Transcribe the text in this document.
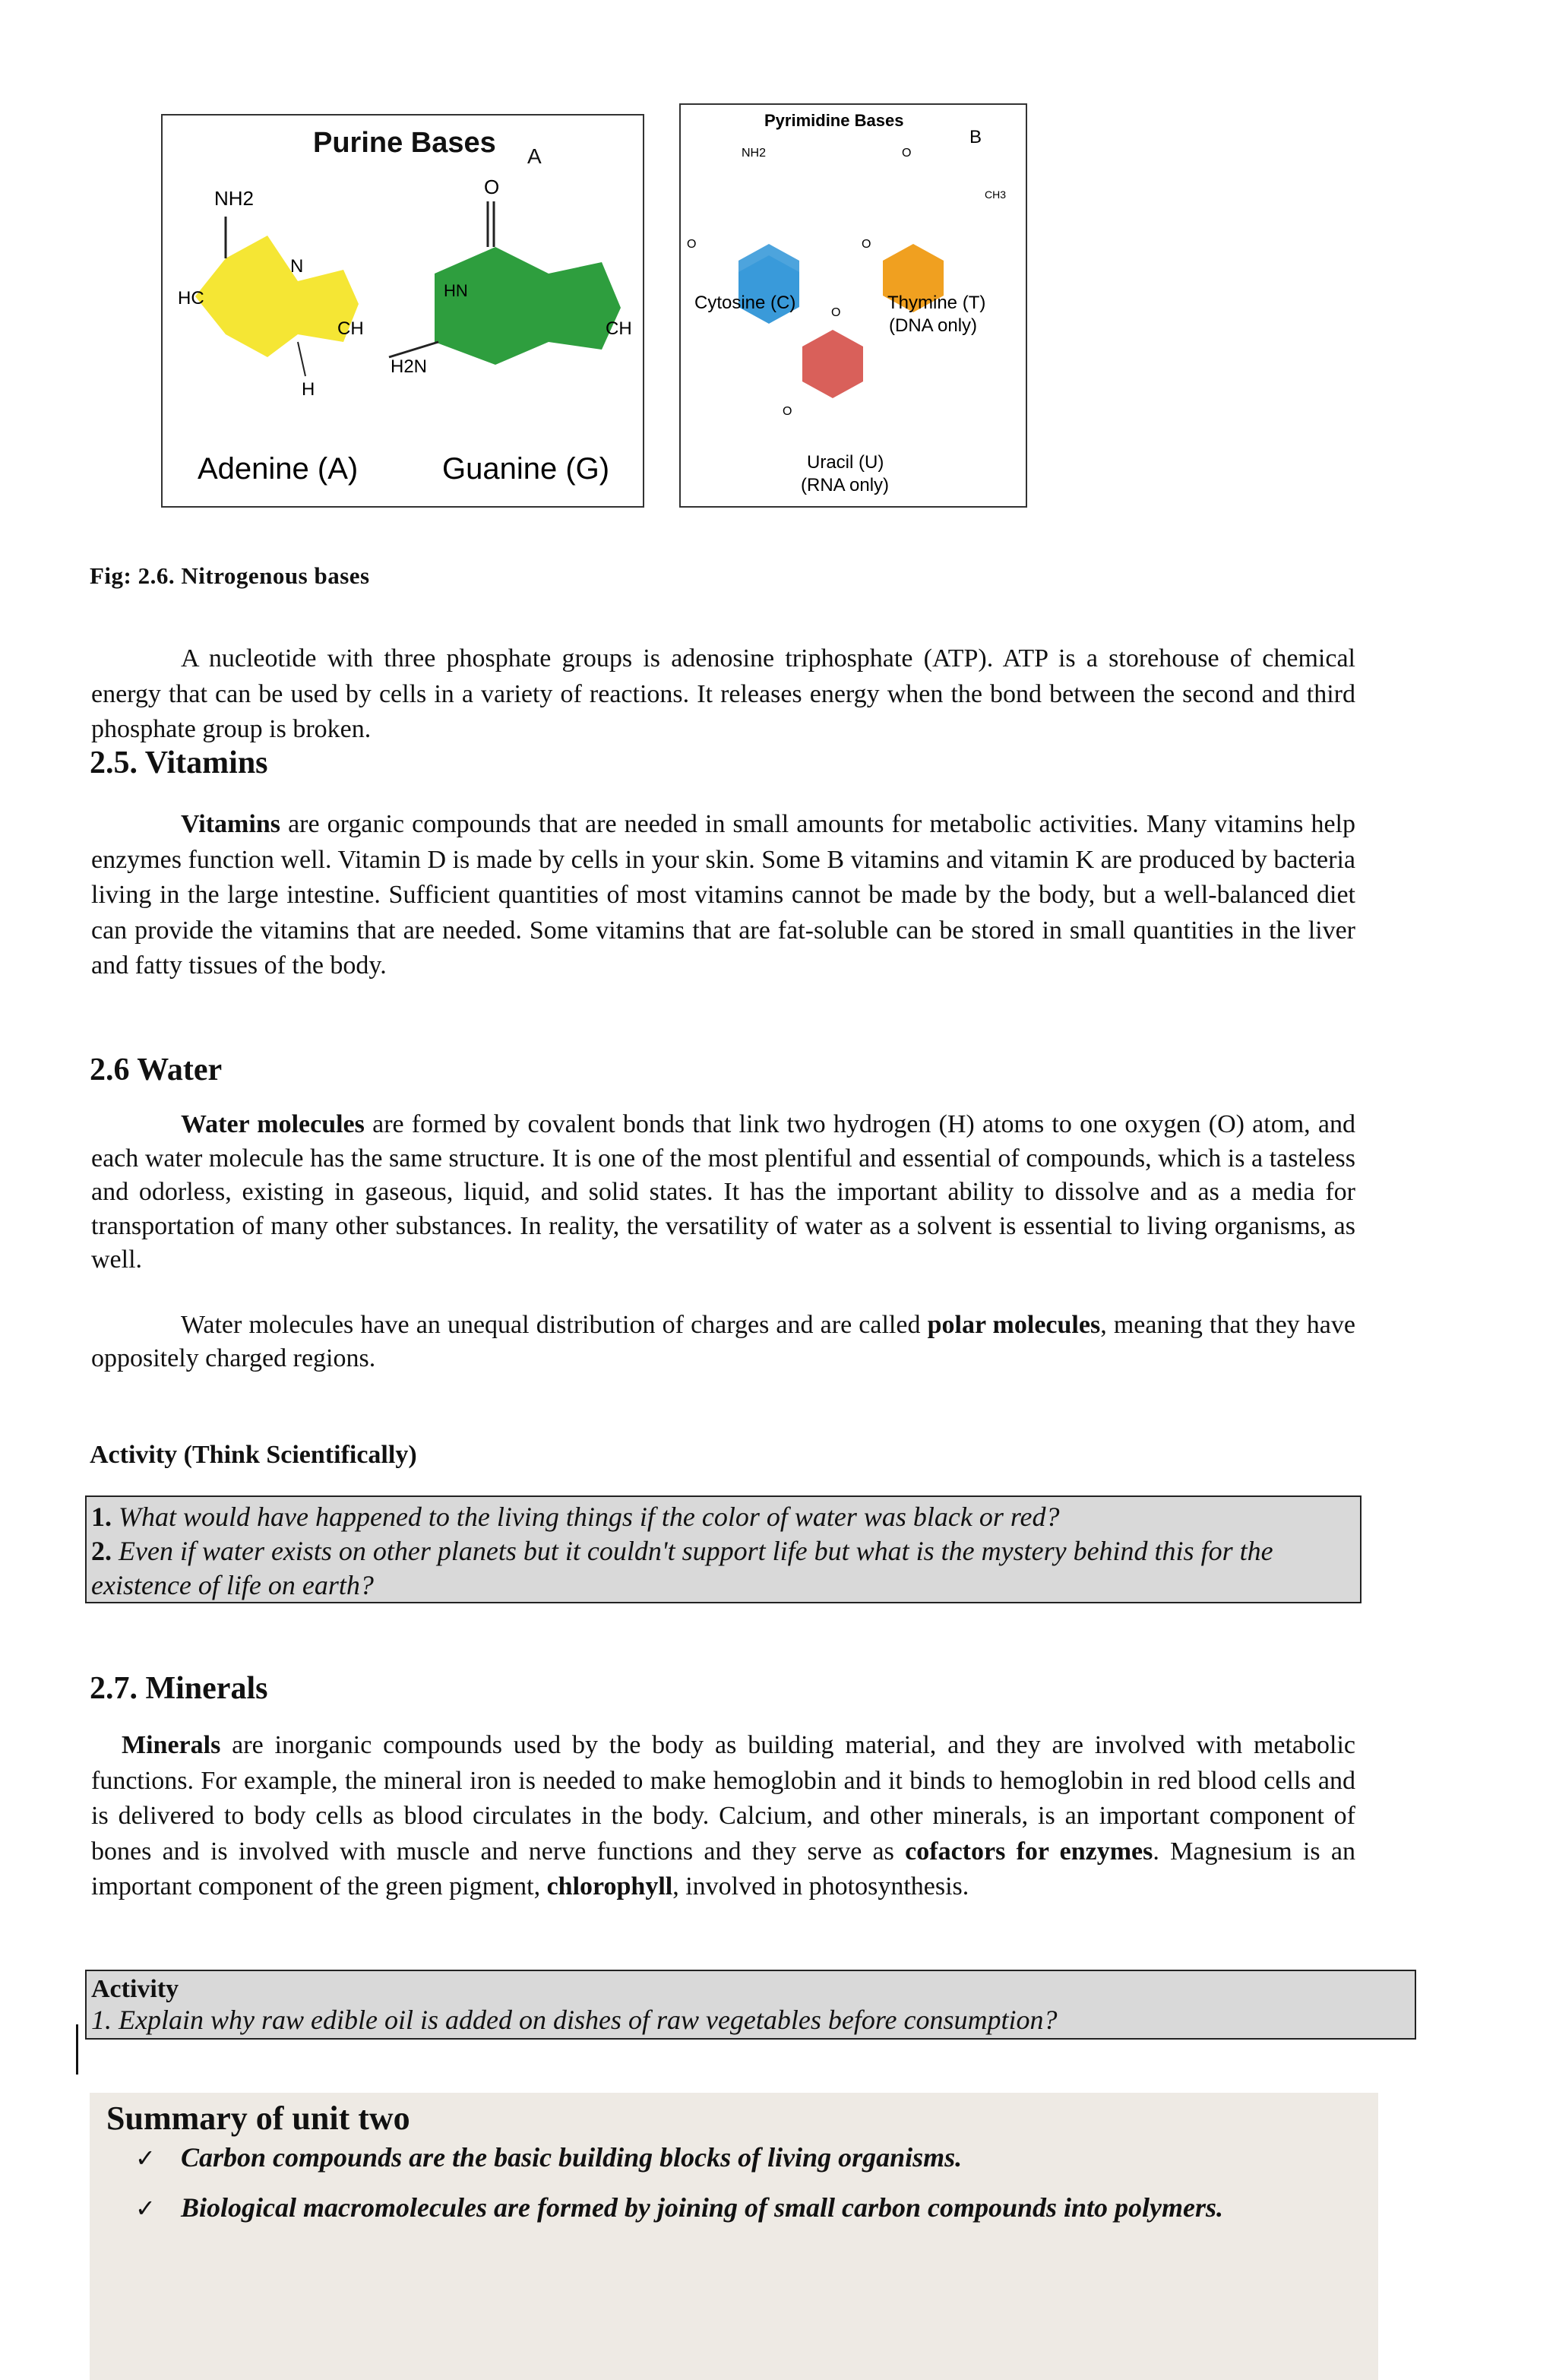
Purine Bases A
NH2
HC
N
CH
H
O
H2N
HN
CH
Adenine (A)	Guanine (G)
Pyrimidine Bases
B
NH2
O
O
CH3
O
O
O
Cytosine (C)	Thymine (T)
(DNA only)
Uracil (U)
(RNA only)
Fig: 2.6. Nitrogenous bases
A nucleotide with three phosphate groups is adenosine triphosphate (ATP). ATP is a storehouse of chemical energy that can be used by cells in a variety of reactions. It releases energy when the bond between the second and third phosphate group is broken.
2.5. Vitamins
Vitamins are organic compounds that are needed in small amounts for metabolic activities. Many vitamins help enzymes function well. Vitamin D is made by cells in your skin. Some B vitamins and vitamin K are produced by bacteria living in the large intestine. Sufficient quantities of most vitamins cannot be made by the body, but a well-balanced diet can provide the vitamins that are needed. Some vitamins that are fat-soluble can be stored in small quantities in the liver and fatty tissues of the body.
2.6 Water
Water molecules are formed by covalent bonds that link two hydrogen (H) atoms to one oxygen (O) atom, and each water molecule has the same structure. It is one of the most plentiful and essential of compounds, which is a tasteless and odorless, existing in gaseous, liquid, and solid states. It has the important ability to dissolve and as a media for transportation of many other substances. In reality, the versatility of water as a solvent is essential to living organisms, as well.
Water molecules have an unequal distribution of charges and are called polar molecules, meaning that they have oppositely charged regions.
Activity (Think Scientifically)
1. What would have happened to the living things if the color of water was black or red?
2. Even if water exists on other planets but it couldn't support life but what is the mystery behind this for the existence of life on earth?
2.7. Minerals
Minerals are inorganic compounds used by the body as building material, and they are involved with metabolic functions. For example, the mineral iron is needed to make hemoglobin and it binds to hemoglobin in red blood cells and is delivered to body cells as blood circulates in the body. Calcium, and other minerals, is an important component of bones and is involved with muscle and nerve functions and they serve as cofactors for enzymes. Magnesium is an important component of the green pigment, chlorophyll, involved in photosynthesis.
Activity
1. Explain why raw edible oil is added on dishes of raw vegetables before consumption?
Summary of unit two
✓ Carbon compounds are the basic building blocks of living organisms.
✓ Biological macromolecules are formed by joining of small carbon compounds into polymers.
